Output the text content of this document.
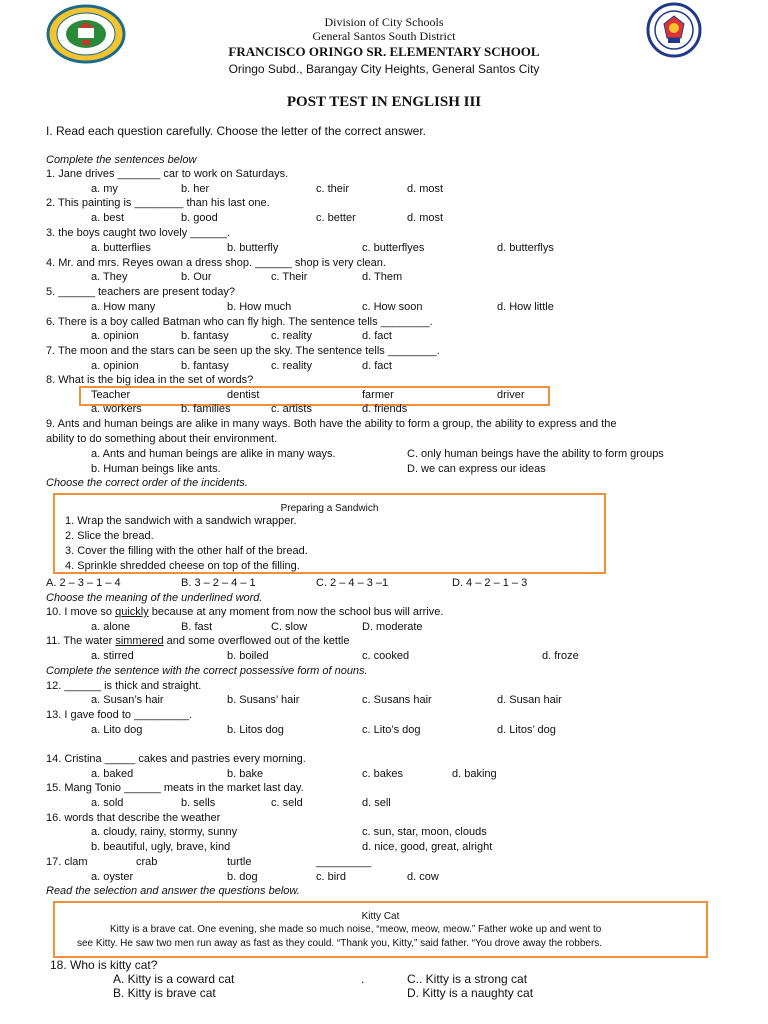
Division of City Schools
General Santos South District
FRANCISCO ORINGO SR. ELEMENTARY SCHOOL
Oringo Subd., Barangay City Heights, General Santos City
POST TEST IN ENGLISH III
I. Read each question carefully. Choose the letter of the correct answer.
Complete the sentences below
1. Jane drives _______ car to work on Saturdays.
a. my	b. her	c. their	d. most
2. This painting is ________ than his last one.
a. best	b. good	c. better	d. most
3. the boys caught two lovely ______.
a. butterflies	b. butterfly	c. butterflyes	d. butterflys
4. Mr. and mrs. Reyes owan a dress shop. ______ shop is very clean.
a. They	b. Our	c. Their	d. Them
5. ______ teachers are present today?
a. How many	b. How much	c. How soon	d. How little
6. There is a boy called Batman who can fly high. The sentence tells ________.
a. opinion	b. fantasy	c. reality	d. fact
7. The moon and the stars can be seen up the sky. The sentence tells ________.
a. opinion	b. fantasy	c. reality	d. fact
8. What is the big idea in the set of words?
Teacher	dentist	farmer	driver
a. workers	b. families	c. artists	d. friends
9. Ants and human beings are alike in many ways. Both have the ability to form a group, the ability to express and the
ability to do something about their environment.
a. Ants and human beings are alike in many ways.	C. only human beings have the ability to form groups
b. Human beings like ants.	D. we can express our ideas
Choose the correct order of the incidents.
Preparing a Sandwich
1. Wrap the sandwich with a sandwich wrapper.
2. Slice the bread.
3. Cover the filling with the other half of the bread.
4. Sprinkle shredded cheese on top of the filling.
A. 2 – 3 – 1 – 4	B. 3 – 2 – 4 – 1	C. 2 – 4 – 3 –1	D. 4 – 2 – 1 – 3
Choose the meaning of the underlined word.
10. I move so quickly because at any moment from now the school bus will arrive.
a. alone	B. fast	C. slow	D. moderate
11. The water simmered and some overflowed out of the kettle
a. stirred	b. boiled	c. cooked	d. froze
Complete the sentence with the correct possessive form of nouns.
12. ______ is thick and straight.
a. Susan’s hair	b. Susans’ hair	c. Susans hair	d. Susan hair
13. I gave food to _________.
a. Lito dog	b. Litos dog	c. Lito’s dog	d. Litos’ dog
14. Cristina _____ cakes and pastries every morning.
a. baked	b. bake	c. bakes	d. baking
15. Mang Tonio ______ meats in the market last day.
a. sold	b. sells	c. seld	d. sell
16. words that describe the weather
a. cloudy, rainy, stormy, sunny	c. sun, star, moon, clouds
b. beautiful, ugly, brave, kind	d. nice, good, great, alright
17. clam	crab	turtle	_________
a. oyster	b. dog	c. bird	d. cow
Read the selection and answer the questions below.
Kitty Cat
Kitty is a brave cat. One evening, she made so much noise, “meow, meow, meow.” Father woke up and went to
see Kitty. He saw two men run away as fast as they could. “Thank you, Kitty,” said father. “You drove away the robbers.
18. Who is kitty cat?
A. Kitty is a coward cat	.	C.. Kitty is a strong cat
B. Kitty is brave cat	D. Kitty is a naughty cat
